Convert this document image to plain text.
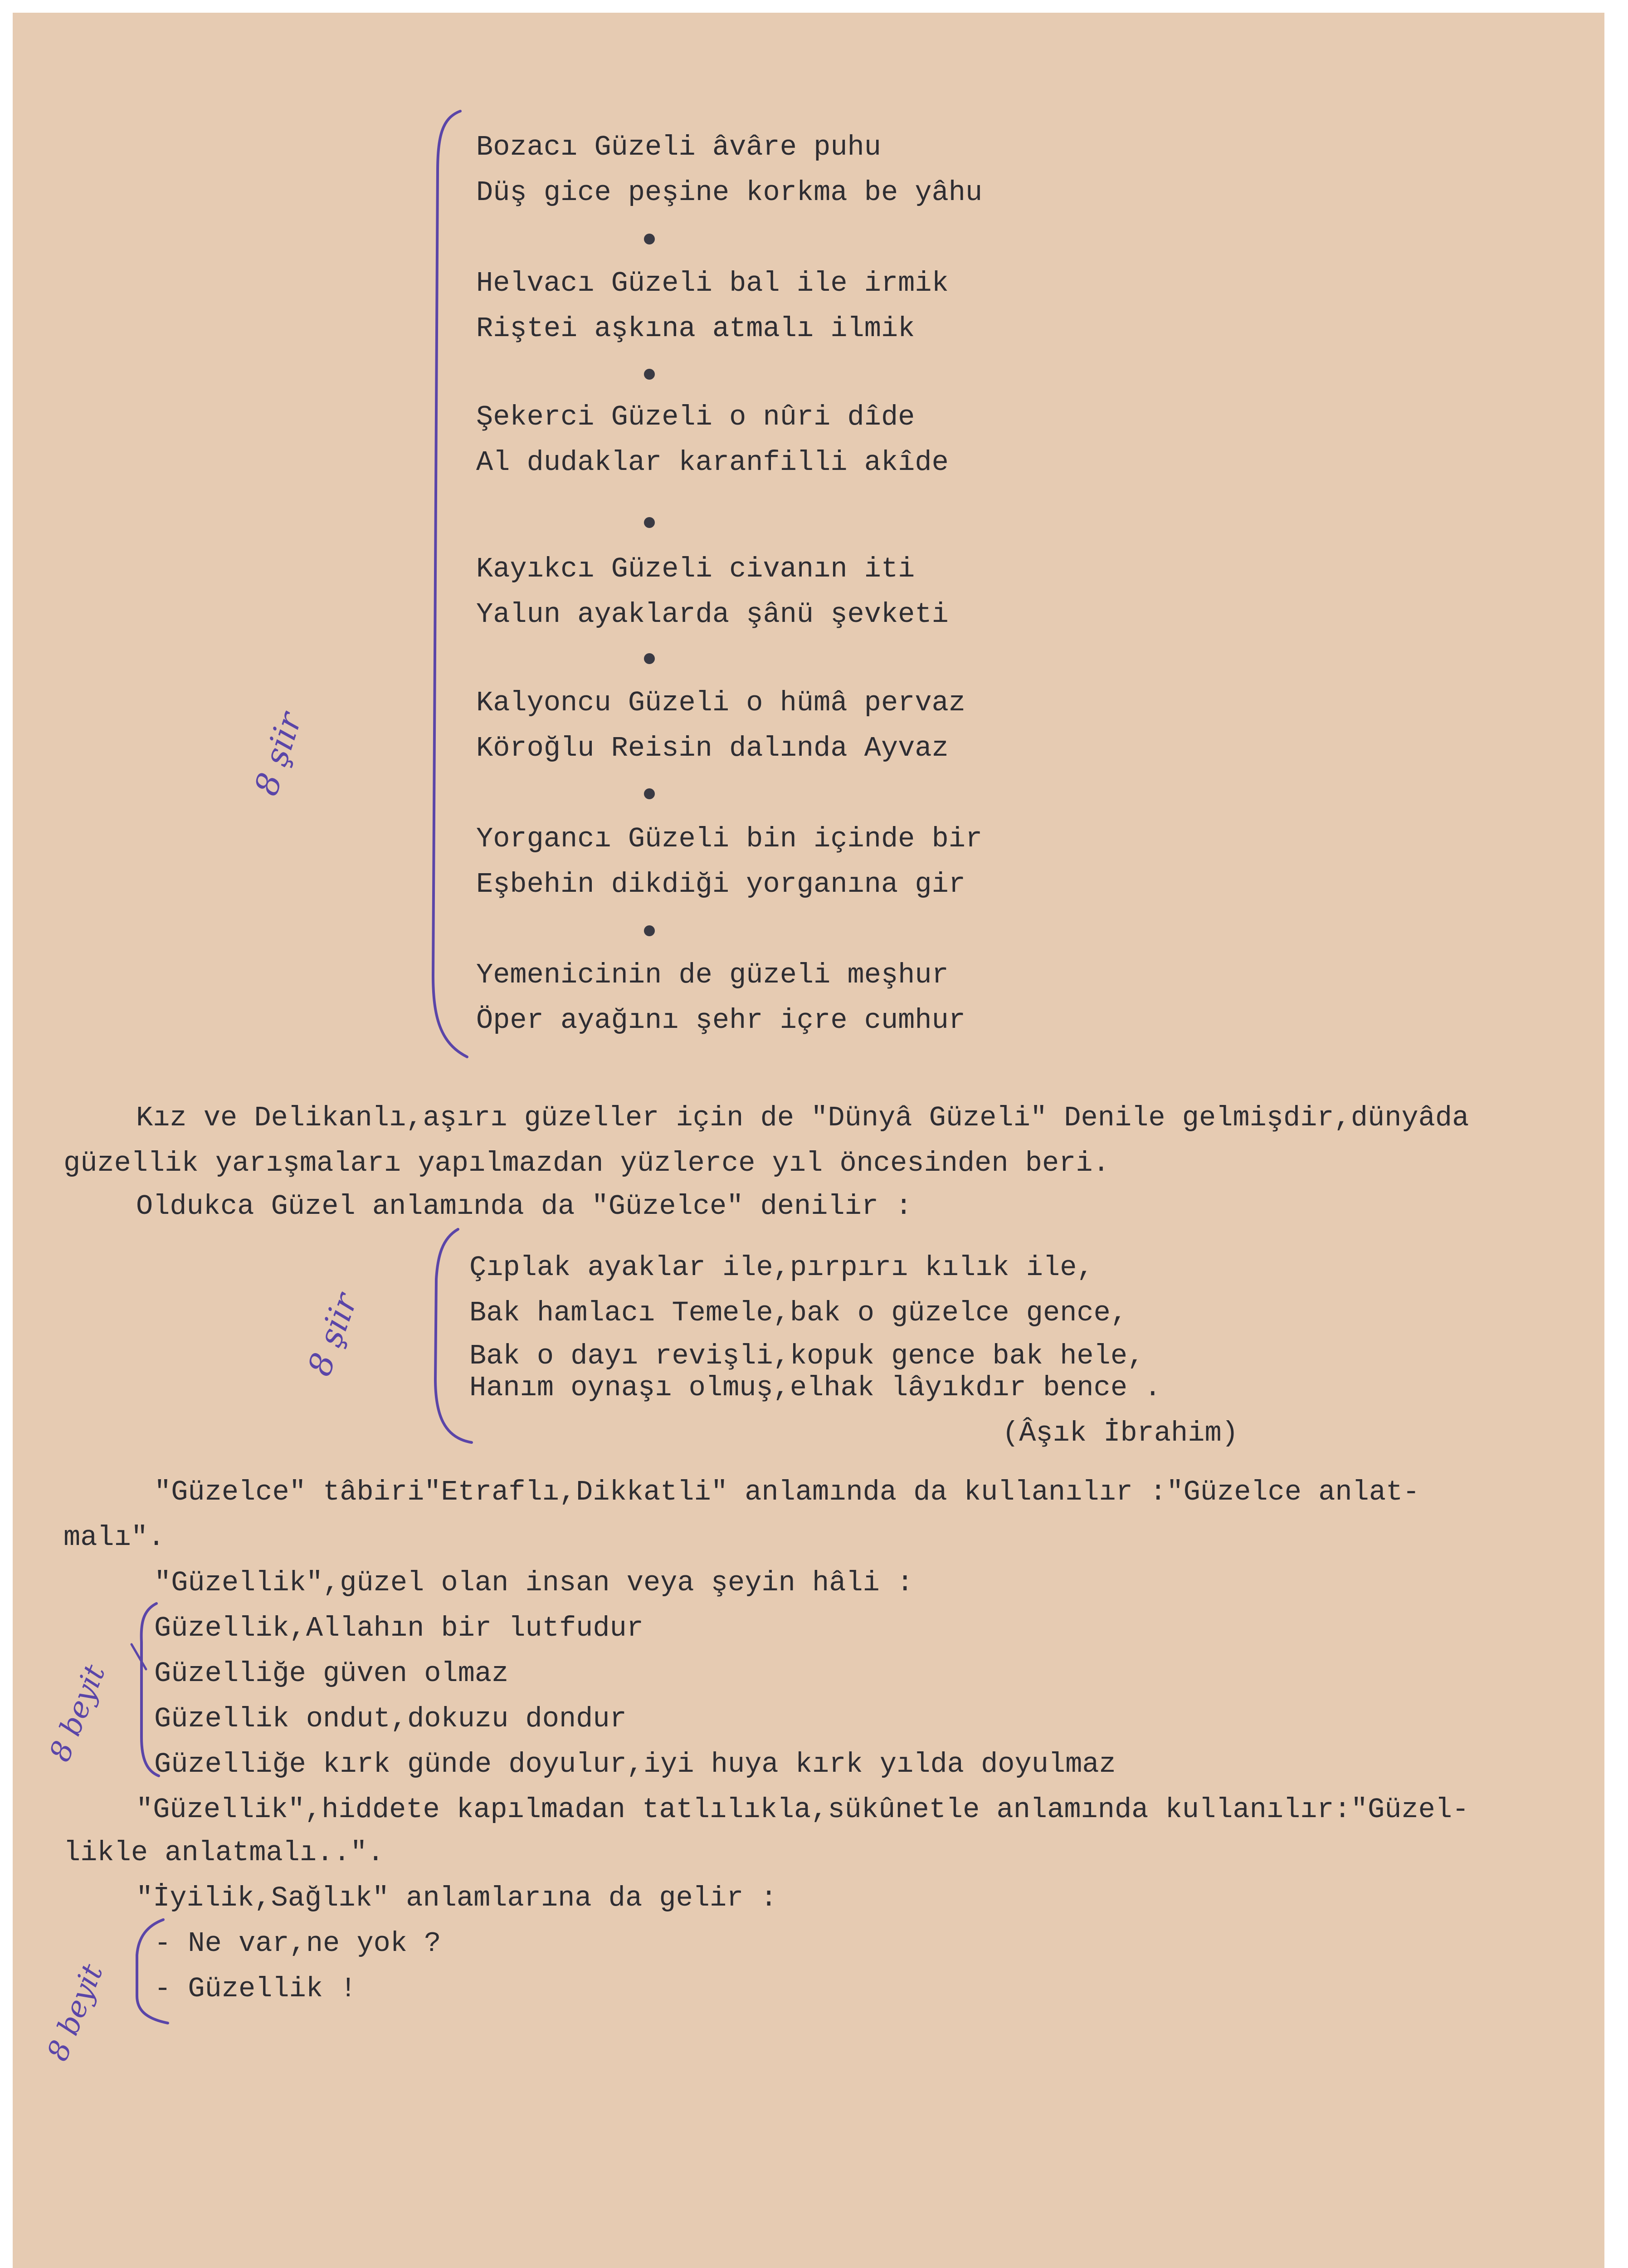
Bozacı Güzeli âvâre puhu
Düş gice peşine korkma be yâhu
Helvacı Güzeli bal ile irmik
Riştei aşkına atmalı ilmik
Şekerci Güzeli o nûri dîde
Al dudaklar karanfilli akîde
Kayıkcı Güzeli civanın iti
Yalun ayaklarda şânü şevketi
Kalyoncu Güzeli o hümâ pervaz
Köroğlu Reisin dalında Ayvaz
Yorgancı Güzeli bin içinde bir
Eşbehin dikdiği yorganına gir
Yemenicinin de güzeli meşhur
Öper ayağını şehr içre cumhur
Kız ve Delikanlı,aşırı güzeller için de "Dünyâ Güzeli" Denile gelmişdir,dünyâda
güzellik yarışmaları yapılmazdan yüzlerce yıl öncesinden beri.
Oldukca Güzel anlamında da "Güzelce" denilir :
Çıplak ayaklar ile,pırpırı kılık ile,
Bak hamlacı Temele,bak o güzelce gence,
Bak o dayı revişli,kopuk gence bak hele,
Hanım oynaşı olmuş,elhak lâyıkdır bence .
(Âşık İbrahim)
"Güzelce" tâbiri"Etraflı,Dikkatli" anlamında da kullanılır :"Güzelce anlat-
malı".
"Güzellik",güzel olan insan veya şeyin hâli :
Güzellik,Allahın bir lutfudur
Güzelliğe güven olmaz
Güzellik ondut,dokuzu dondur
Güzelliğe kırk günde doyulur,iyi huya kırk yılda doyulmaz
"Güzellik",hiddete kapılmadan tatlılıkla,sükûnetle anlamında kullanılır:"Güzel-
likle anlatmalı..".
"İyilik,Sağlık" anlamlarına da gelir :
- Ne var,ne yok ?
- Güzellik !
8 şiir
8 şiir
8 beyit
8 beyit
